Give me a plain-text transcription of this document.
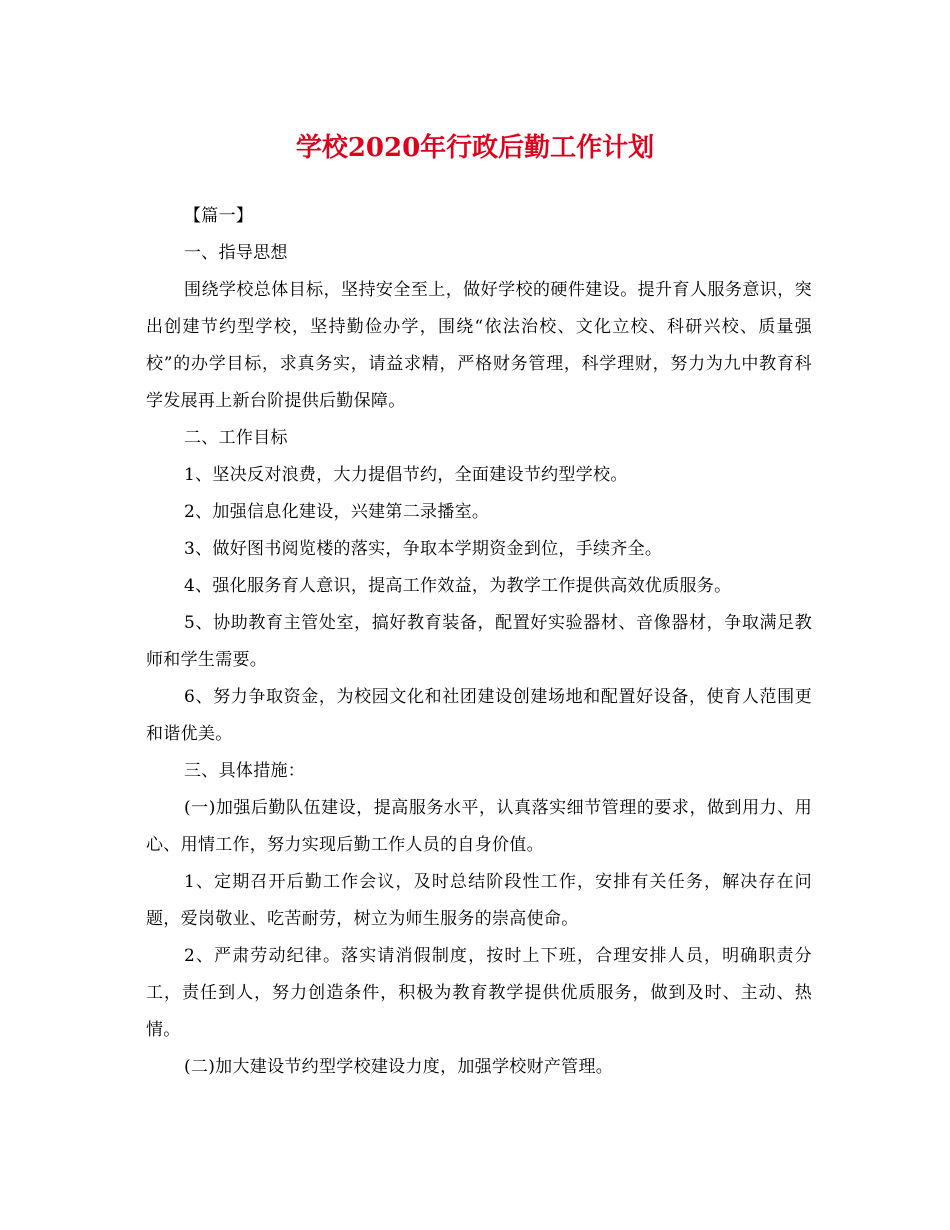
学校2020年行政后勤工作计划

【篇一】

一、指导思想

围绕学校总体目标，坚持安全至上，做好学校的硬件建设。提升育人服务意识，突出创建节约型学校，坚持勤俭办学，围绕“依法治校、文化立校、科研兴校、质量强校”的办学目标，求真务实，请益求精，严格财务管理，科学理财，努力为九中教育科学发展再上新台阶提供后勤保障。

二、工作目标

1、坚决反对浪费，大力提倡节约，全面建设节约型学校。

2、加强信息化建设，兴建第二录播室。

3、做好图书阅览楼的落实，争取本学期资金到位，手续齐全。

4、强化服务育人意识，提高工作效益，为教学工作提供高效优质服务。

5、协助教育主管处室，搞好教育装备，配置好实验器材、音像器材，争取满足教师和学生需要。

6、努力争取资金，为校园文化和社团建设创建场地和配置好设备，使育人范围更和谐优美。

三、具体措施：

(一)加强后勤队伍建设，提高服务水平，认真落实细节管理的要求，做到用力、用心、用情工作，努力实现后勤工作人员的自身价值。

1、定期召开后勤工作会议，及时总结阶段性工作，安排有关任务，解决存在问题，爱岗敬业、吃苦耐劳，树立为师生服务的崇高使命。

2、严肃劳动纪律。落实请消假制度，按时上下班，合理安排人员，明确职责分工，责任到人，努力创造条件，积极为教育教学提供优质服务，做到及时、主动、热情。

(二)加大建设节约型学校建设力度，加强学校财产管理。
